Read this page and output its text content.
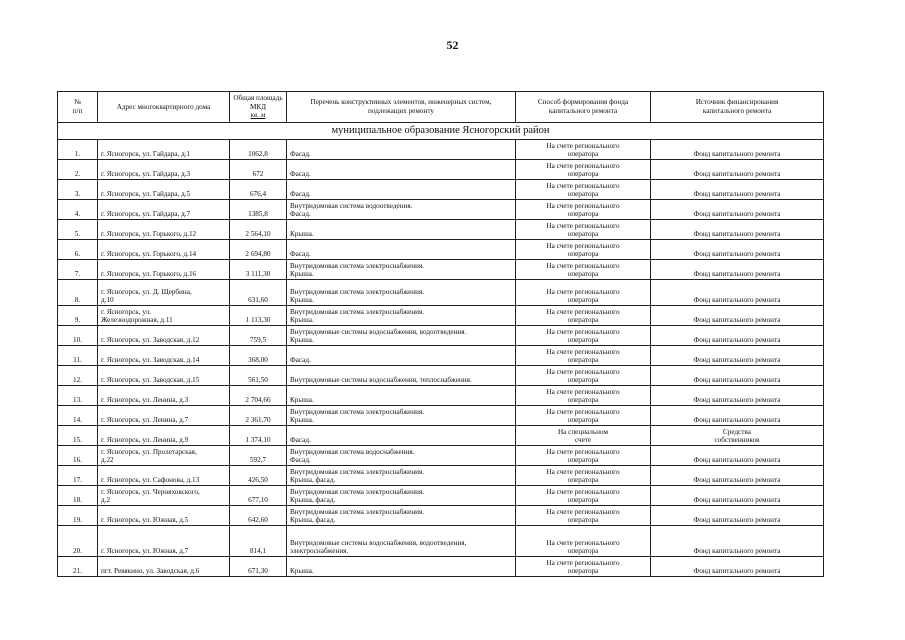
52
№
п/п	Адрес многоквартирного дома	Общая площадь
МКД
кв. м	Перечень конструктивных элементов, инженерных систем,
подлежащих ремонту	Способ формирования фонда
капитального ремонта	Источник финансирования
капитального ремонта

муниципальное образование Ясногорский район					
1.	г. Ясногорск, ул. Гайдара, д.1	1062,8	Фасад.	На счете регионального
оператора	Фонд капитального ремонта

2.	г. Ясногорск, ул. Гайдара, д.3	672	Фасад.	На счете регионального
оператора	Фонд капитального ремонта

3.	г. Ясногорск, ул. Гайдара, д.5	676,4	Фасад.	На счете регионального
оператора	Фонд капитального ремонта

4.	г. Ясногорск, ул. Гайдара, д.7	1385,8	Внутридомовая система водоотведения.
Фасад.	На счете регионального
оператора	Фонд капитального ремонта

5.	г. Ясногорск, ул. Горького, д.12	2 564,10	Крыша.	На счете регионального
оператора	Фонд капитального ремонта

6.	г. Ясногорск, ул. Горького, д.14	2 694,80	Фасад.	На счете регионального
оператора	Фонд капитального ремонта

7.	г. Ясногорск, ул. Горького, д.16	3 111,30	Внутридомовая система электроснабжения.
Крыша.	На счете регионального
оператора	Фонд капитального ремонта

8.	г. Ясногорск, ул. Д. Щербина,
д.10	631,60	Внутридомовая система электроснабжения.
Крыша.	На счете регионального
оператора	Фонд капитального ремонта

9.	г. Ясногорск, ул.
Железнодорожная, д.11	1 113,30	Внутридомовая система электроснабжения.
Крыша.	На счете регионального
оператора	Фонд капитального ремонта

10.	г. Ясногорск, ул. Заводская, д.12	759,5	Внутридомовые системы водоснабжения, водоотведения.
Крыша.	На счете регионального
оператора	Фонд капитального ремонта

11.	г. Ясногорск, ул. Заводская, д.14	368,00	Фасад.	На счете регионального
оператора	Фонд капитального ремонта

12.	г. Ясногорск, ул. Заводская, д.15	561,50	Внутридомовые системы водоснабжения, теплоснабжения.	На счете регионального
оператора	Фонд капитального ремонта

13.	г. Ясногорск, ул. Ленина, д.3	2 704,66	Крыша.	На счете регионального
оператора	Фонд капитального ремонта

14.	г. Ясногорск, ул. Ленина, д.7	2 361,70	Внутридомовая система электроснабжения.
Крыша.	На счете регионального
оператора	Фонд капитального ремонта

15.	г. Ясногорск, ул. Ленина, д.9	1 374,10	Фасад.	На специальном
счете	Средства
собственников

16.	г. Ясногорск, ул. Пролетарская,
д.22	592,7	Внутридомовая система водоснабжения.
Фасад.	На счете регионального
оператора	Фонд капитального ремонта

17.	г. Ясногорск, ул. Сафонова, д.13	426,50	Внутридомовая система электроснабжения.
Крыша, фасад.	На счете регионального
оператора	Фонд капитального ремонта

18.	г. Ясногорск, ул. Черняховского,
д.2	677,10	Внутридомовая система электроснабжения.
Крыша, фасад.	На счете регионального
оператора	Фонд капитального ремонта

19.	г. Ясногорск, ул. Южная, д.5	642,60	Внутридомовая система электроснабжения.
Крыша, фасад.	На счете регионального
оператора	Фонд капитального ремонта

20.	г. Ясногорск, ул. Южная, д.7	814,1	Внутридомовые системы водоснабжения, водоотведения,
электроснабжения.	На счете регионального
оператора	Фонд капитального ремонта

21.	пгт. Ревякино, ул. Заводская, д.6	671,30	Крыша.	На счете регионального
оператора	Фонд капитального ремонта
